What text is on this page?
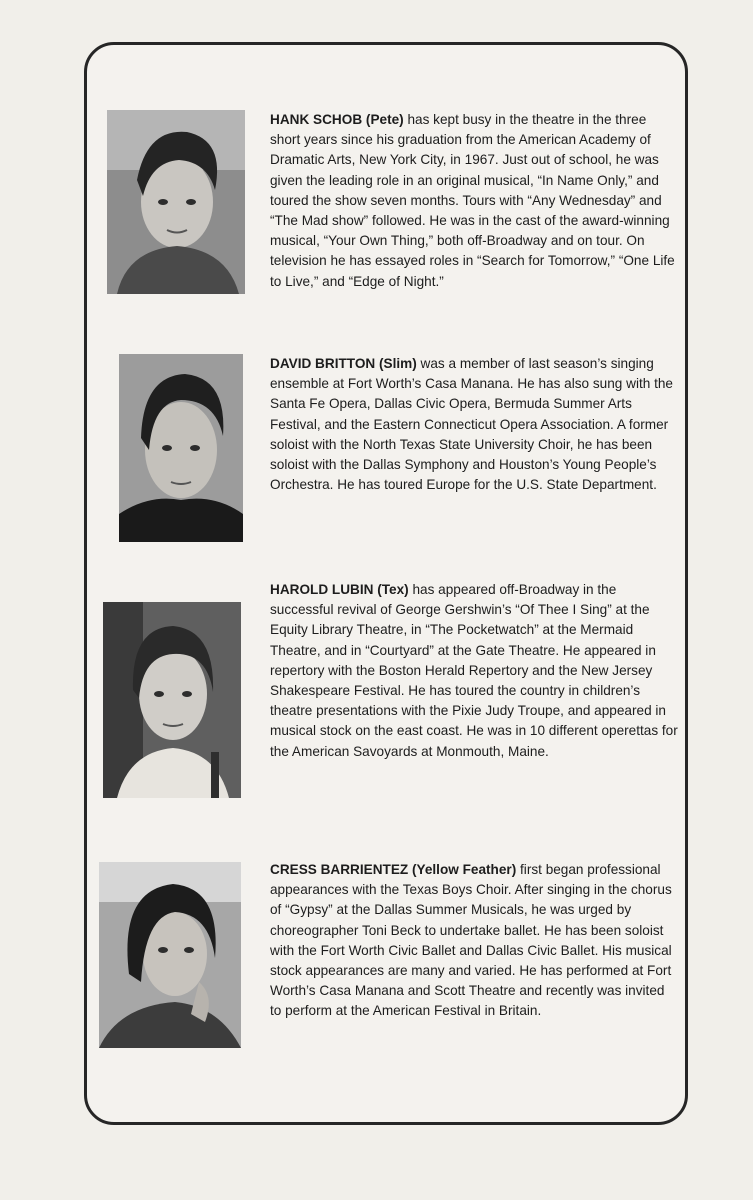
HANK SCHOB (Pete) has kept busy in the theatre in the three short years since his graduation from the American Academy of Dramatic Arts, New York City, in 1967. Just out of school, he was given the leading role in an original musical, “In Name Only,” and toured the show seven months. Tours with “Any Wednesday” and “The Mad show” followed. He was in the cast of the award-winning musical, “Your Own Thing,” both off-Broadway and on tour. On television he has essayed roles in “Search for Tomorrow,” “One Life to Live,” and “Edge of Night.”

DAVID BRITTON (Slim) was a member of last season’s singing ensemble at Fort Worth’s Casa Manana. He has also sung with the Santa Fe Opera, Dallas Civic Opera, Bermuda Summer Arts Festival, and the Eastern Connecticut Opera Association. A former soloist with the North Texas State University Choir, he has been soloist with the Dallas Symphony and Houston’s Young People’s Orchestra. He has toured Europe for the U.S. State Department.

HAROLD LUBIN (Tex) has appeared off-Broadway in the successful revival of George Gershwin’s “Of Thee I Sing” at the Equity Library Theatre, in “The Pocketwatch” at the Mermaid Theatre, and in “Courtyard” at the Gate Theatre. He appeared in repertory with the Boston Herald Repertory and the New Jersey Shakespeare Festival. He has toured the country in children’s theatre presentations with the Pixie Judy Troupe, and appeared in musical stock on the east coast. He was in 10 different operettas for the American Savoyards at Monmouth, Maine.

CRESS BARRIENTEZ (Yellow Feather) first began professional appearances with the Texas Boys Choir. After singing in the chorus of “Gypsy” at the Dallas Summer Musicals, he was urged by choreographer Toni Beck to undertake ballet. He has been soloist with the Fort Worth Civic Ballet and Dallas Civic Ballet. His musical stock appearances are many and varied. He has performed at Fort Worth’s Casa Manana and Scott Theatre and recently was invited to perform at the American Festival in Britain.
